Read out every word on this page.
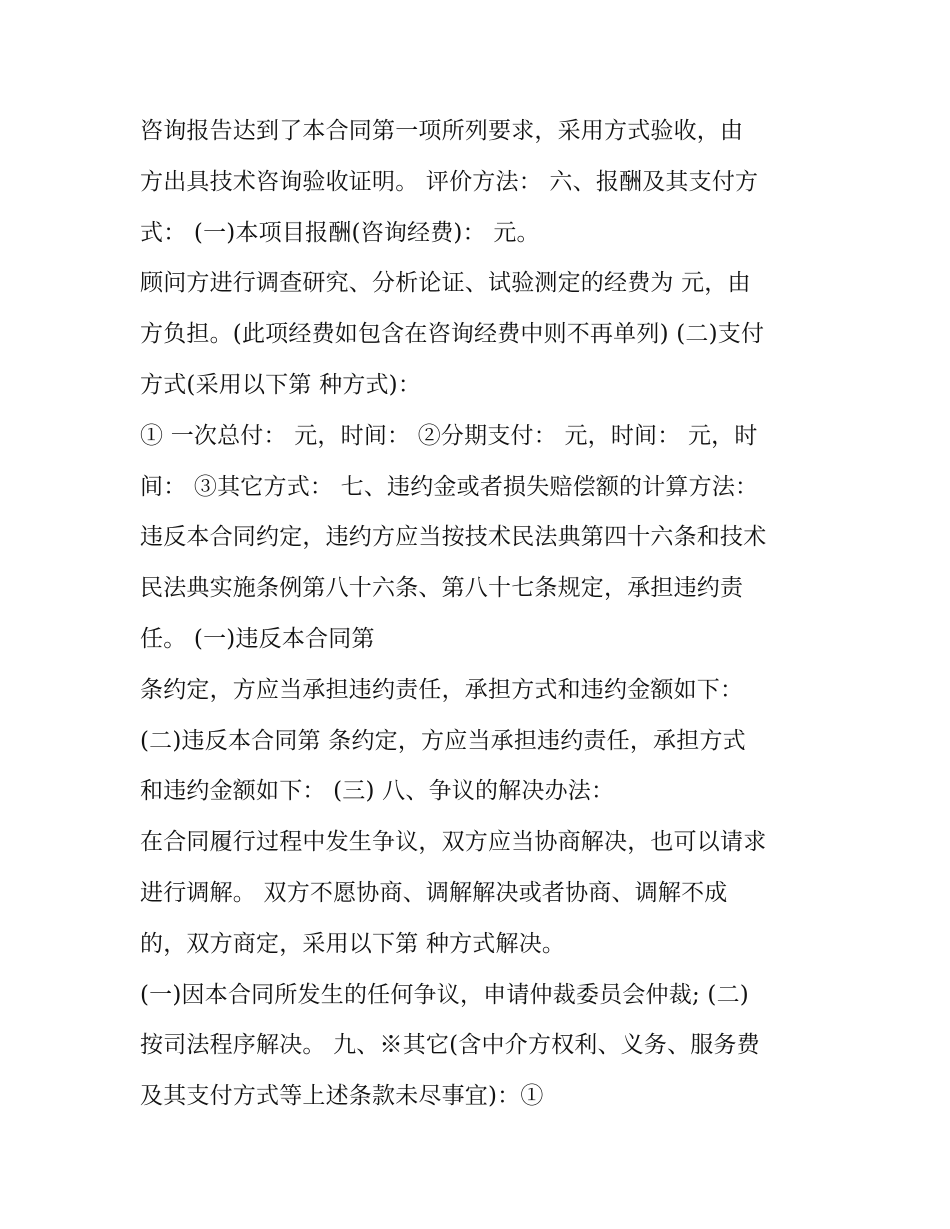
咨询报告达到了本合同第一项所列要求，采用方式验收，由
方出具技术咨询验收证明。 评价方法： 六、报酬及其支付方
式： (一)本项目报酬(咨询经费)： 元。
顾问方进行调查研究、分析论证、试验测定的经费为 元，由
方负担。(此项经费如包含在咨询经费中则不再单列) (二)支付
方式(采用以下第 种方式)：
① 一次总付： 元，时间： ②分期支付： 元，时间： 元，时
间： ③其它方式： 七、违约金或者损失赔偿额的计算方法：
违反本合同约定，违约方应当按技术民法典第四十六条和技术
民法典实施条例第八十六条、第八十七条规定，承担违约责
任。 (一)违反本合同第
条约定，方应当承担违约责任，承担方式和违约金额如下：
(二)违反本合同第 条约定，方应当承担违约责任，承担方式
和违约金额如下： (三) 八、争议的解决办法：
在合同履行过程中发生争议，双方应当协商解决，也可以请求
进行调解。 双方不愿协商、调解解决或者协商、调解不成
的，双方商定，采用以下第 种方式解决。
(一)因本合同所发生的任何争议，申请仲裁委员会仲裁; (二)
按司法程序解决。 九、※其它(含中介方权利、义务、服务费
及其支付方式等上述条款未尽事宜)：①
